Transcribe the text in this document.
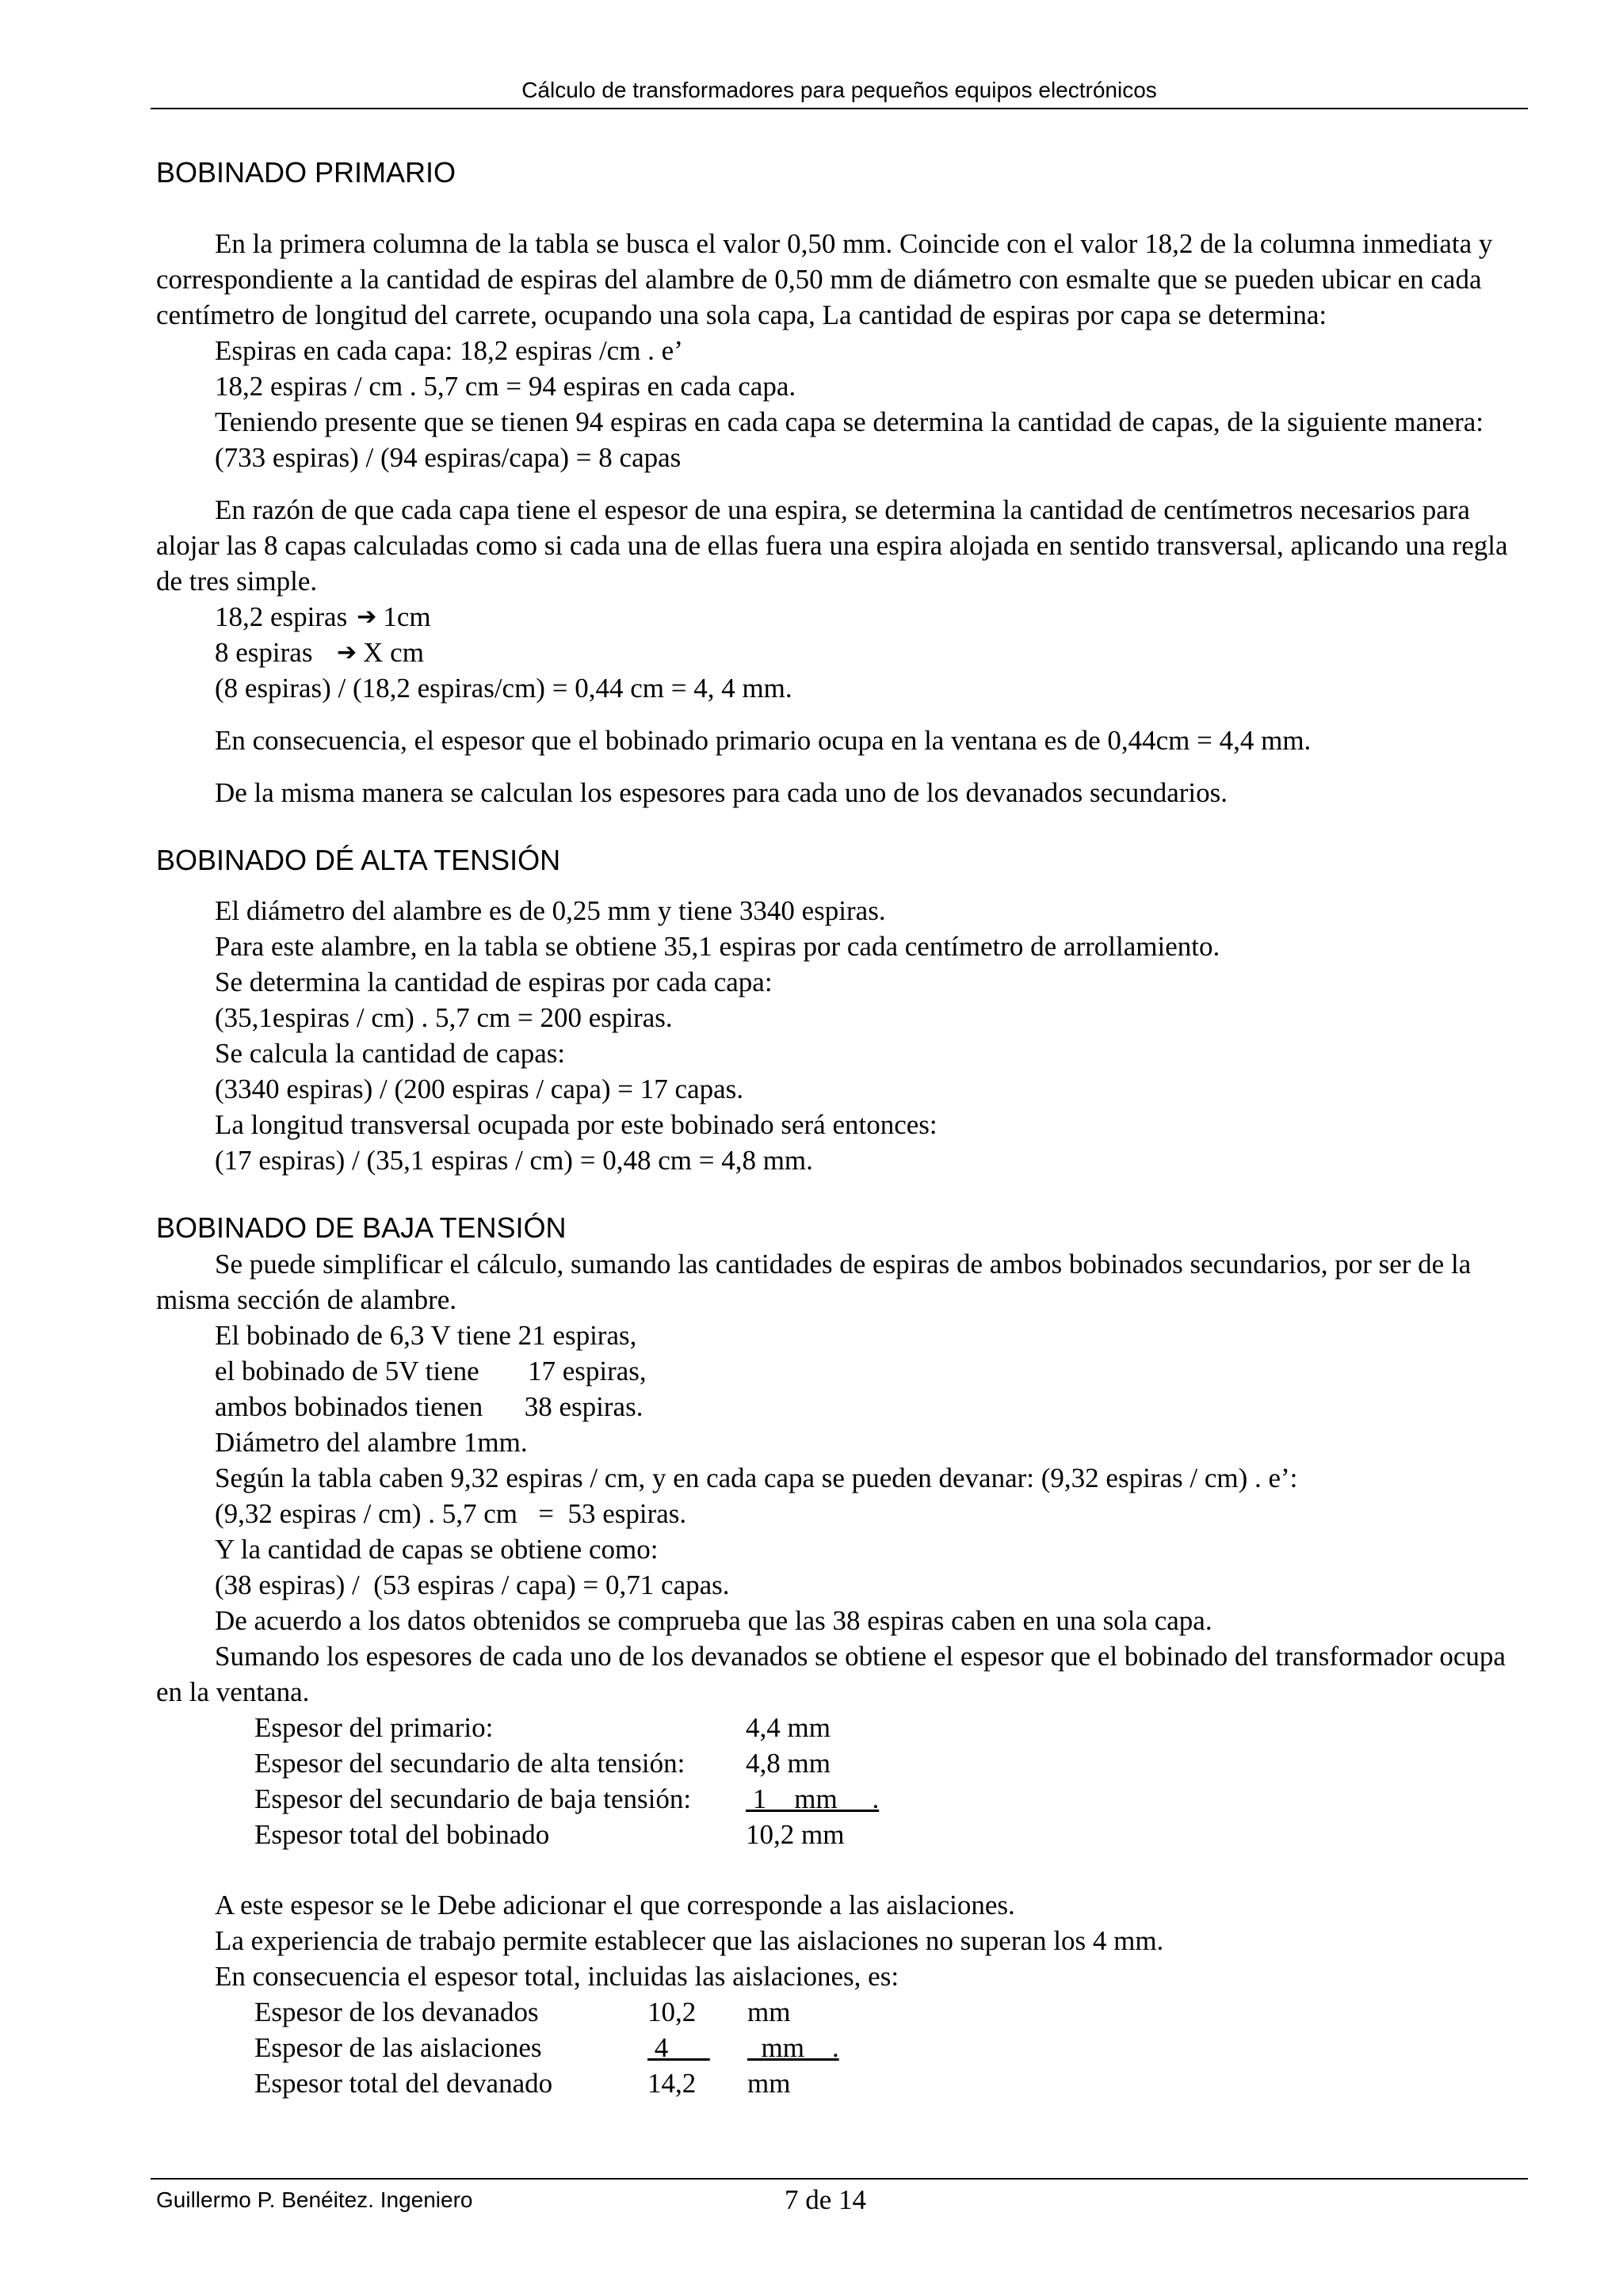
Cálculo de transformadores para pequeños equipos electrónicos
BOBINADO PRIMARIO

En la primera columna de la tabla se busca el valor 0,50 mm. Coincide con el valor 18,2 de la columna inmediata y correspondiente a la cantidad de espiras del alambre de 0,50 mm de diámetro con esmalte que se pueden ubicar en cada centímetro de longitud del carrete, ocupando una sola capa, La cantidad de espiras por capa se determina:

Espiras en cada capa: 18,2 espiras /cm . e’

18,2 espiras / cm . 5,7 cm = 94 espiras en cada capa.

Teniendo presente que se tienen 94 espiras en cada capa se determina la cantidad de capas, de la siguiente manera:

(733 espiras) / (94 espiras/capa) = 8 capas

En razón de que cada capa tiene el espesor de una espira, se determina la cantidad de centímetros necesarios para alojar las 8 capas calculadas como si cada una de ellas fuera una espira alojada en sentido transversal, aplicando una regla de tres simple.

18,2 espiras ➔ 1cm
8 espiras	➔ X cm

(8 espiras) / (18,2 espiras/cm) = 0,44 cm = 4, 4 mm.

En consecuencia, el espesor que el bobinado primario ocupa en la ventana es de 0,44cm = 4,4 mm.

De la misma manera se calculan los espesores para cada uno de los devanados secundarios.

BOBINADO DÉ ALTA TENSIÓN

El diámetro del alambre es de 0,25 mm y tiene 3340 espiras.

Para este alambre, en la tabla se obtiene 35,1 espiras por cada centímetro de arrollamiento.

Se determina la cantidad de espiras por cada capa:

(35,1espiras / cm) . 5,7 cm = 200 espiras.

Se calcula la cantidad de capas:

(3340 espiras) / (200 espiras / capa) = 17 capas.

La longitud transversal ocupada por este bobinado será entonces:

(17 espiras) / (35,1 espiras / cm) = 0,48 cm = 4,8 mm.

BOBINADO DE BAJA TENSIÓN

Se puede simplificar el cálculo, sumando las cantidades de espiras de ambos bobinados secundarios, por ser de la misma sección de alambre.

El bobinado de 6,3 V tiene 21 espiras,

el bobinado de 5V tiene       17 espiras,

ambos bobinados tienen      38 espiras.

Diámetro del alambre 1mm.

Según la tabla caben 9,32 espiras / cm, y en cada capa se pueden devanar: (9,32 espiras / cm) . e’:

(9,32 espiras / cm) . 5,7 cm   =  53 espiras.

Y la cantidad de capas se obtiene como:

(38 espiras) /  (53 espiras / capa) = 0,71 capas.

De acuerdo a los datos obtenidos se comprueba que las 38 espiras caben en una sola capa.

Sumando los espesores de cada uno de los devanados se obtiene el espesor que el bobinado del transformador ocupa en la ventana.

Espesor del primario:	4,4 mm
Espesor del secundario de alta tensión:	4,8 mm
Espesor del secundario de baja tensión:	1    mm     .
Espesor total del bobinado	10,2 mm

A este espesor se le Debe adicionar el que corresponde a las aislaciones.

La experiencia de trabajo permite establecer que las aislaciones no superan los 4 mm.

En consecuencia el espesor total, incluidas las aislaciones, es:

Espesor de los devanados	10,2	mm
Espesor de las aislaciones	4	mm    .
Espesor total del devanado	14,2	mm
Guillermo P. Benéitez. Ingeniero	7 de 14
